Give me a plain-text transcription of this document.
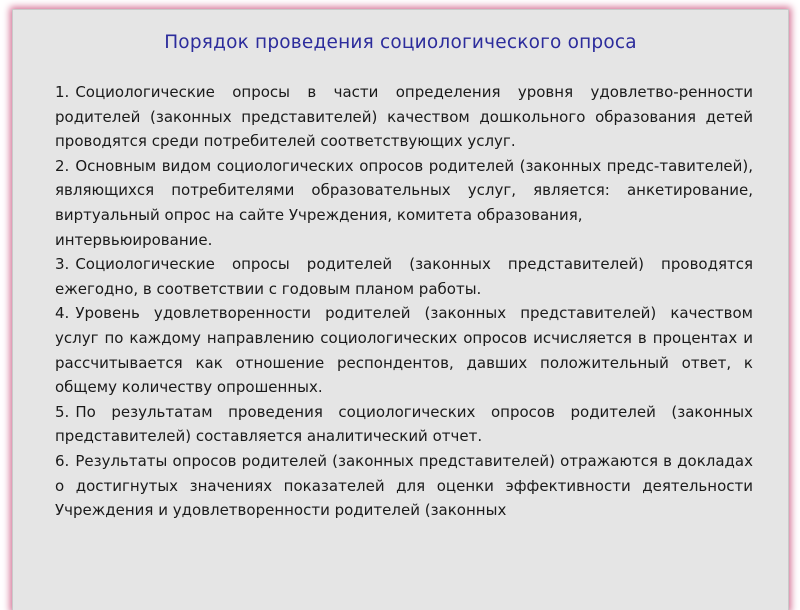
Порядок проведения социологического опроса

1. Социологические опросы в части определения уровня удовлетво-ренности родителей (законных представителей) качеством дошкольного образования детей проводятся среди потребителей соответствующих услуг.

2. Основным видом социологических опросов родителей (законных предс-тавителей), являющихся потребителями образовательных услуг, является: анкетирование, виртуальный опрос на сайте Учреждения, комитета образования,

интервьюирование.

3. Социологические опросы родителей (законных представителей) проводятся ежегодно, в соответствии с годовым планом работы.

4. Уровень удовлетворенности родителей (законных представителей) качеством услуг по каждому направлению социологических опросов исчисляется в процентах и рассчитывается как отношение респондентов, давших положительный ответ, к общему количеству опрошенных.

5. По результатам проведения социологических опросов родителей (законных представителей) составляется аналитический отчет.

6. Результаты опросов родителей (законных представителей) отражаются в докладах о достигнутых значениях показателей для оценки эффективности деятельности Учреждения и удовлетворенности родителей (законных
